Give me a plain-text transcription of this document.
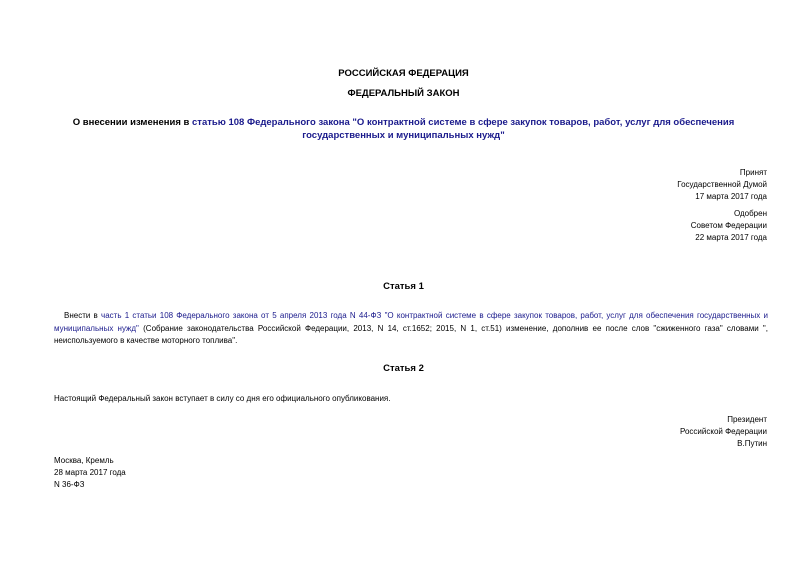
РОССИЙСКАЯ ФЕДЕРАЦИЯ
ФЕДЕРАЛЬНЫЙ ЗАКОН
О внесении изменения в статью 108 Федерального закона "О контрактной системе в сфере закупок товаров, работ, услуг для обеспечения государственных и муниципальных нужд"
Принят
Государственной Думой
17 марта 2017 года
Одобрен
Советом Федерации
22 марта 2017 года
Статья 1
Внести в часть 1 статьи 108 Федерального закона от 5 апреля 2013 года N 44-ФЗ "О контрактной системе в сфере закупок товаров, работ, услуг для обеспечения государственных и муниципальных нужд" (Собрание законодательства Российской Федерации, 2013, N 14, ст.1652; 2015, N 1, ст.51) изменение, дополнив ее после слов "сжиженного газа" словами ", неиспользуемого в качестве моторного топлива".
Статья 2
Настоящий Федеральный закон вступает в силу со дня его официального опубликования.
Президент
Российской Федерации
В.Путин
Москва, Кремль
28 марта 2017 года
N 36-ФЗ
